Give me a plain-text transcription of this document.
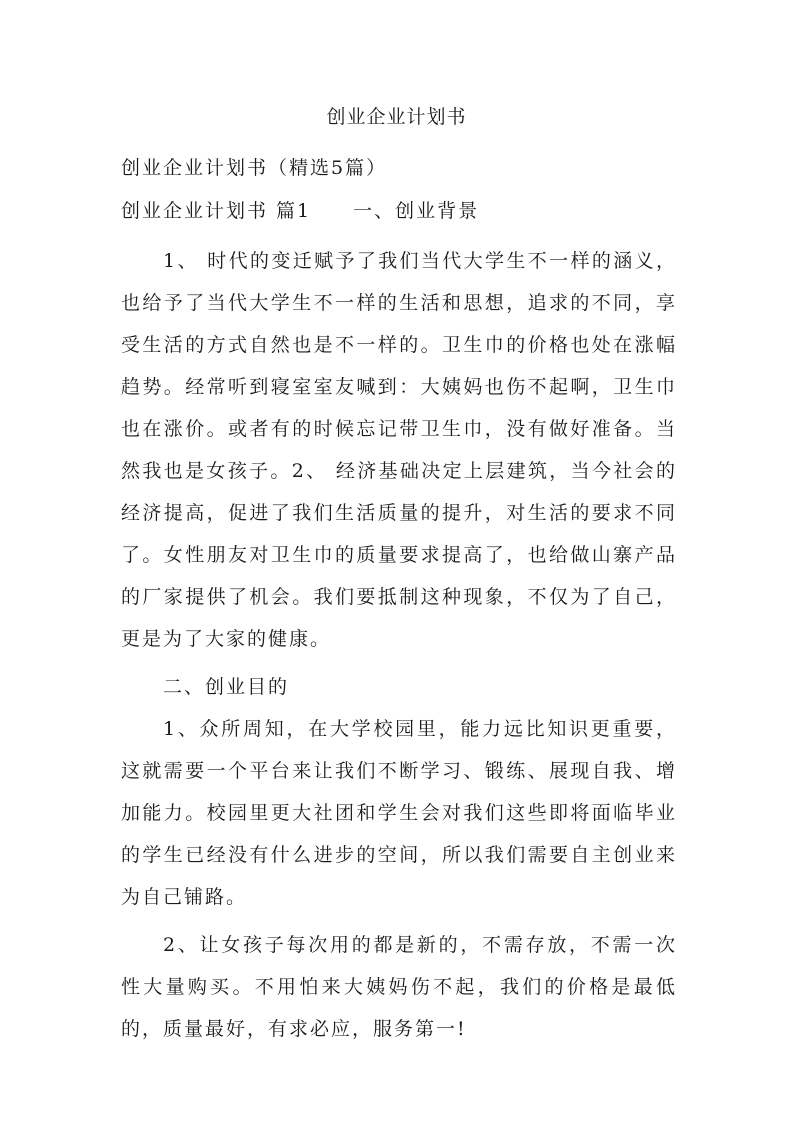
创业企业计划书
创业企业计划书（精选5篇）
创业企业计划书 篇1 一、创业背景

1、 时代的变迁赋予了我们当代大学生不一样的涵义，也给予了当代大学生不一样的生活和思想，追求的不同，享受生活的方式自然也是不一样的。卫生巾的价格也处在涨幅趋势。经常听到寝室室友喊到：大姨妈也伤不起啊，卫生巾也在涨价。或者有的时候忘记带卫生巾，没有做好准备。当然我也是女孩子。2、 经济基础决定上层建筑，当今社会的经济提高，促进了我们生活质量的提升，对生活的要求不同了。女性朋友对卫生巾的质量要求提高了，也给做山寨产品的厂家提供了机会。我们要抵制这种现象，不仅为了自己，更是为了大家的健康。

二、创业目的

1、众所周知，在大学校园里，能力远比知识更重要，这就需要一个平台来让我们不断学习、锻练、展现自我、增加能力。校园里更大社团和学生会对我们这些即将面临毕业的学生已经没有什么进步的空间，所以我们需要自主创业来为自己铺路。

2、让女孩子每次用的都是新的，不需存放，不需一次性大量购买。不用怕来大姨妈伤不起，我们的价格是最低的，质量最好，有求必应，服务第一!
